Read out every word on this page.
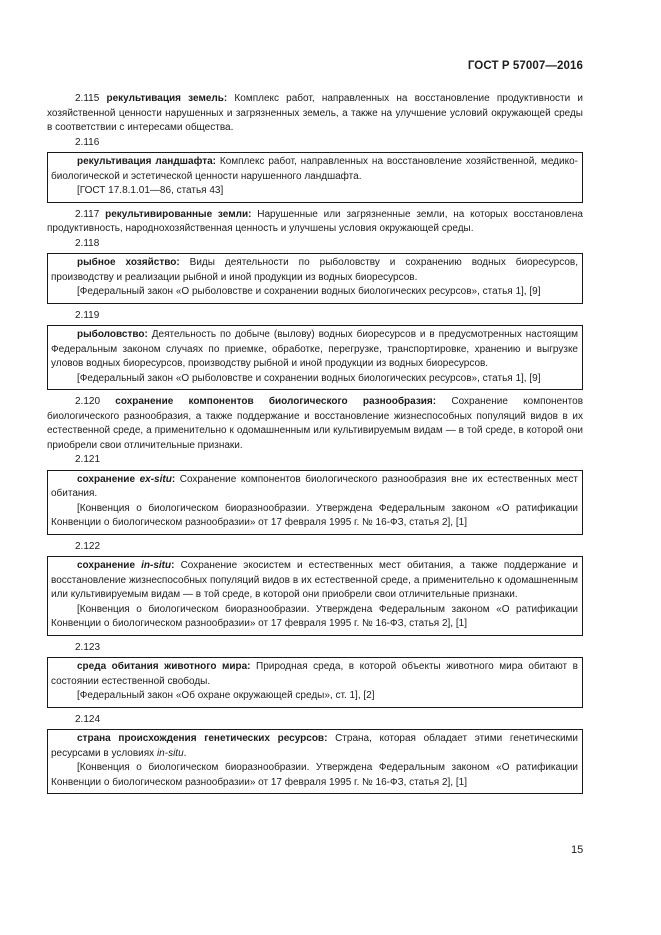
ГОСТ Р 57007—2016

2.115 рекультивация земель: Комплекс работ, направленных на восстановление продуктивности и хозяйственной ценности нарушенных и загрязненных земель, а также на улучшение условий окружающей среды в соответствии с интересами общества.

2.116

рекультивация ландшафта: Комплекс работ, направленных на восстановление хозяйственной, медико-биологической и эстетической ценности нарушенного ландшафта.

[ГОСТ 17.8.1.01—86, статья 43]

2.117 рекультивированные земли: Нарушенные или загрязненные земли, на которых восстановлена продуктивность, народнохозяйственная ценность и улучшены условия окружающей среды.

2.118

рыбное хозяйство: Виды деятельности по рыболовству и сохранению водных биоресурсов, производству и реализации рыбной и иной продукции из водных биоресурсов.

[Федеральный закон «О рыболовстве и сохранении водных биологических ресурсов», статья 1], [9]

2.119

рыболовство: Деятельность по добыче (вылову) водных биоресурсов и в предусмотренных настоящим Федеральным законом случаях по приемке, обработке, перегрузке, транспортировке, хранению и выгрузке уловов водных биоресурсов, производству рыбной и иной продукции из водных биоресурсов.

[Федеральный закон «О рыболовстве и сохранении водных биологических ресурсов», статья 1], [9]

2.120 сохранение компонентов биологического разнообразия: Сохранение компонентов биологического разнообразия, а также поддержание и восстановление жизнеспособных популяций видов в их естественной среде, а применительно к одомашненным или культивируемым видам — в той среде, в которой они приобрели свои отличительные признаки.

2.121

сохранение ex-situ: Сохранение компонентов биологического разнообразия вне их естественных мест обитания.

[Конвенция о биологическом биоразнообразии. Утверждена Федеральным законом «О ратификации Конвенции о биологическом разнообразии» от 17 февраля 1995 г. № 16-ФЗ, статья 2], [1]

2.122

сохранение in-situ: Сохранение экосистем и естественных мест обитания, а также поддержание и восстановление жизнеспособных популяций видов в их естественной среде, а применительно к одомашненным или культивируемым видам — в той среде, в которой они приобрели свои отличительные признаки.

[Конвенция о биологическом биоразнообразии. Утверждена Федеральным законом «О ратификации Конвенции о биологическом разнообразии» от 17 февраля 1995 г. № 16-ФЗ, статья 2], [1]

2.123

среда обитания животного мира: Природная среда, в которой объекты животного мира обитают в состоянии естественной свободы.

[Федеральный закон «Об охране окружающей среды», ст. 1], [2]

2.124

страна происхождения генетических ресурсов: Страна, которая обладает этими генетическими ресурсами в условиях in-situ.

[Конвенция о биологическом биоразнообразии. Утверждена Федеральным законом «О ратификации Конвенции о биологическом разнообразии» от 17 февраля 1995 г. № 16-ФЗ, статья 2], [1]

15
